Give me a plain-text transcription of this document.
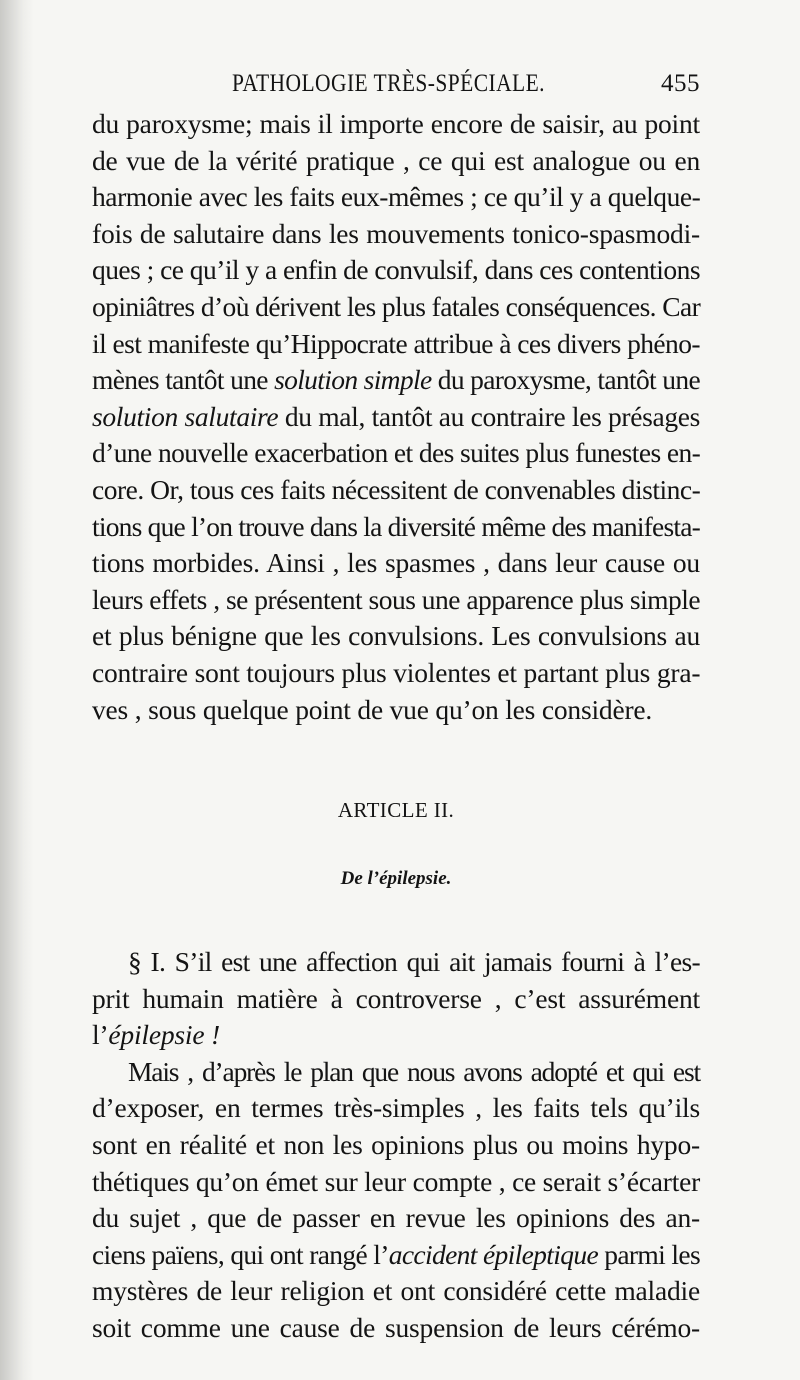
PATHOLOGIE TRÈS-SPÉCIALE.	455

du paroxysme; mais il importe encore de saisir, au point
de vue de la vérité pratique , ce qui est analogue ou en
harmonie avec les faits eux-mêmes ; ce qu’il y a quelque-
fois de salutaire dans les mouvements tonico-spasmodi-
ques ; ce qu’il y a enfin de convulsif, dans ces contentions
opiniâtres d’où dérivent les plus fatales conséquences. Car
il est manifeste qu’Hippocrate attribue à ces divers phéno-
mènes tantôt une solution simple du paroxysme, tantôt une
solution salutaire du mal, tantôt au contraire les présages
d’une nouvelle exacerbation et des suites plus funestes en-
core. Or, tous ces faits nécessitent de convenables distinc-
tions que l’on trouve dans la diversité même des manifesta-
tions morbides. Ainsi , les spasmes , dans leur cause ou
leurs effets , se présentent sous une apparence plus simple
et plus bénigne que les convulsions. Les convulsions au
contraire sont toujours plus violentes et partant plus gra-
ves , sous quelque point de vue qu’on les considère.

ARTICLE II.
De l’épilepsie.

§ I. S’il est une affection qui ait jamais fourni à l’es-
prit humain matière à controverse , c’est assurément
l’épilepsie !

Mais , d’après le plan que nous avons adopté et qui est
d’exposer, en termes très-simples , les faits tels qu’ils
sont en réalité et non les opinions plus ou moins hypo-
thétiques qu’on émet sur leur compte , ce serait s’écarter
du sujet , que de passer en revue les opinions des an-
ciens païens, qui ont rangé l’accident épileptique parmi les
mystères de leur religion et ont considéré cette maladie
soit comme une cause de suspension de leurs cérémo-
